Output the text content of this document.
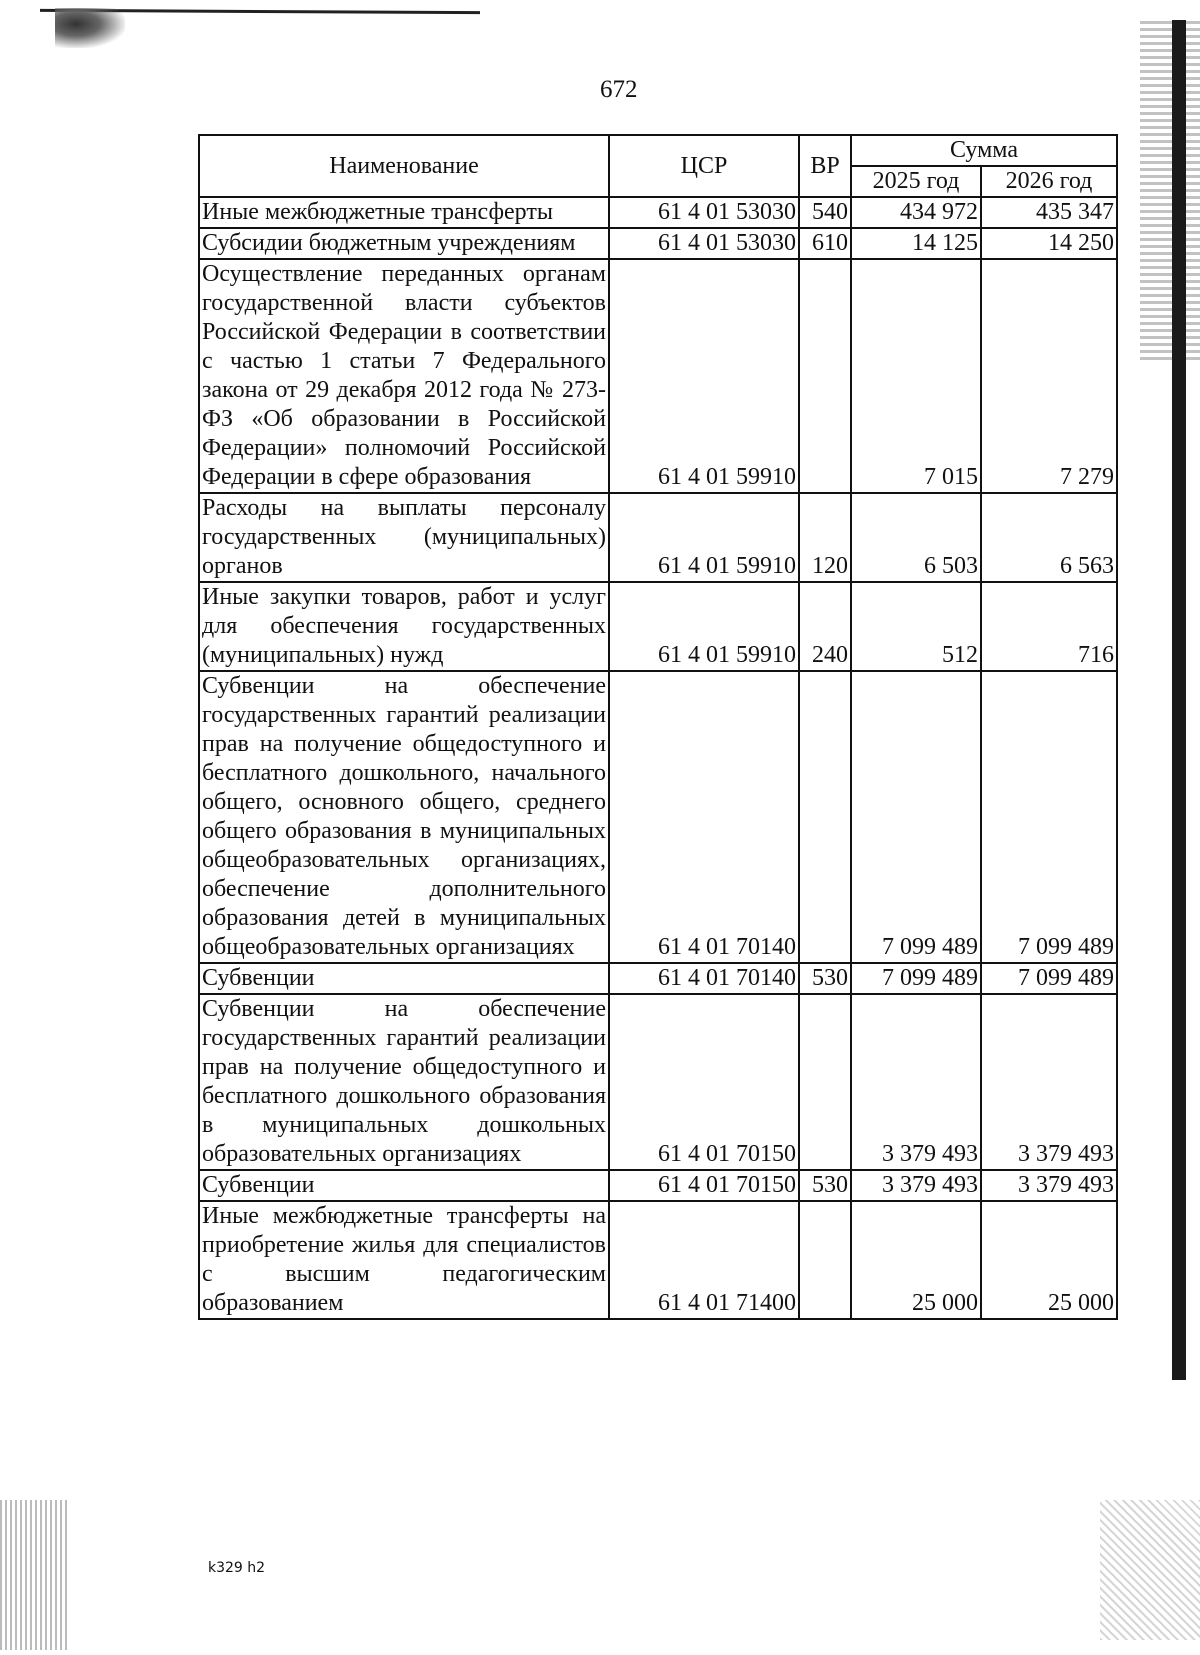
672
Наименование	ЦСР	ВР	Сумма	
			2025 год	2026 год
Иные межбюджетные трансферты	61 4 01 53030	540	434 972	435 347
Субсидии бюджетным учреждениям	61 4 01 53030	610	14 125	14 250
Осуществление переданных органам государственной власти субъектов Российской Федерации в соответствии с частью 1 статьи 7 Федерального закона от 29 декабря 2012 года № 273-ФЗ «Об образовании в Российской Федерации» полномочий Российской Федерации в сфере образования	61 4 01 59910		7 015	7 279
Расходы на выплаты персоналу государственных (муниципальных) органов	61 4 01 59910	120	6 503	6 563
Иные закупки товаров, работ и услуг для обеспечения государственных (муниципальных) нужд	61 4 01 59910	240	512	716
Субвенции на обеспечение государственных гарантий реализации прав на получение общедоступного и бесплатного дошкольного, начального общего, основного общего, среднего общего образования в муниципальных общеобразовательных организациях, обеспечение дополнительного образования детей в муниципальных общеобразовательных организациях	61 4 01 70140		7 099 489	7 099 489
Субвенции	61 4 01 70140	530	7 099 489	7 099 489
Субвенции на обеспечение государственных гарантий реализации прав на получение общедоступного и бесплатного дошкольного образования в муниципальных дошкольных образовательных организациях	61 4 01 70150		3 379 493	3 379 493
Субвенции	61 4 01 70150	530	3 379 493	3 379 493
Иные межбюджетные трансферты на приобретение жилья для специалистов с высшим педагогическим образованием	61 4 01 71400		25 000	25 000
k329 h2
